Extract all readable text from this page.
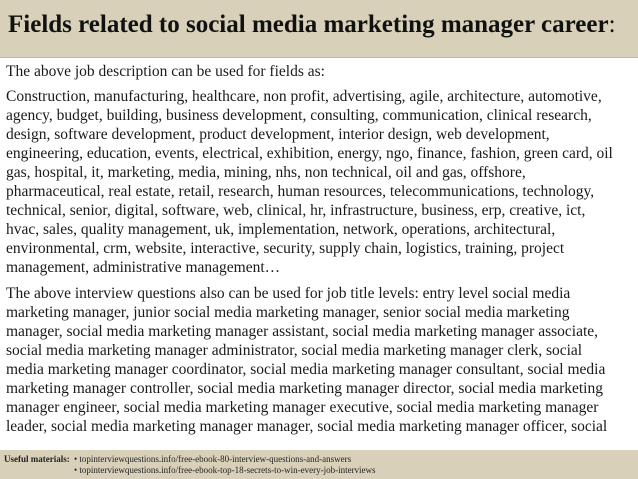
Fields related to social media marketing manager career:

The above job description can be used for fields as:

Construction, manufacturing, healthcare, non profit, advertising, agile, architecture, automotive,
agency, budget, building, business development, consulting, communication, clinical research,
design, software development, product development, interior design, web development,
engineering, education, events, electrical, exhibition, energy, ngo, finance, fashion, green card, oil
gas, hospital, it, marketing, media, mining, nhs, non technical, oil and gas, offshore,
pharmaceutical, real estate, retail, research, human resources, telecommunications, technology,
technical, senior, digital, software, web, clinical, hr, infrastructure, business, erp, creative, ict,
hvac, sales, quality management, uk, implementation, network, operations, architectural,
environmental, crm, website, interactive, security, supply chain, logistics, training, project
management, administrative management…

The above interview questions also can be used for job title levels: entry level social media
marketing manager, junior social media marketing manager, senior social media marketing
manager, social media marketing manager assistant, social media marketing manager associate,
social media marketing manager administrator, social media marketing manager clerk, social
media marketing manager coordinator, social media marketing manager consultant, social media
marketing manager controller, social media marketing manager director, social media marketing
manager engineer, social media marketing manager executive, social media marketing manager
leader, social media marketing manager manager, social media marketing manager officer, social

Useful materials: • topinterviewquestions.info/free-ebook-80-interview-questions-and-answers
• topinterviewquestions.info/free-ebook-top-18-secrets-to-win-every-job-interviews
